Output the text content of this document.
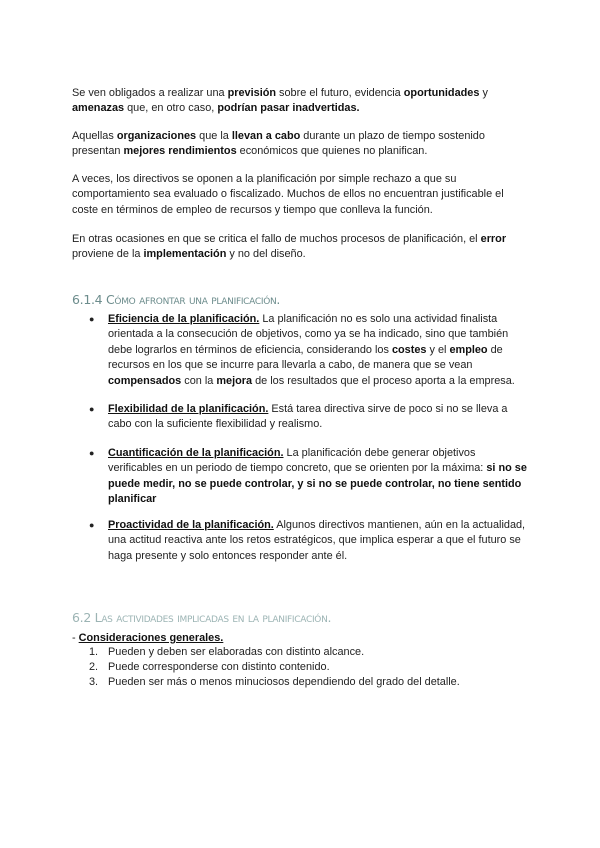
Se ven obligados a realizar una previsión sobre el futuro, evidencia oportunidades y amenazas que, en otro caso, podrían pasar inadvertidas.

Aquellas organizaciones que la llevan a cabo durante un plazo de tiempo sostenido presentan mejores rendimientos económicos que quienes no planifican.

A veces, los directivos se oponen a la planificación por simple rechazo a que su comportamiento sea evaluado o fiscalizado. Muchos de ellos no encuentran justificable el coste en términos de empleo de recursos y tiempo que conlleva la función.

En otras ocasiones en que se critica el fallo de muchos procesos de planificación, el error proviene de la implementación y no del diseño.

6.1.4 Cómo afrontar una planificación.
● Eficiencia de la planificación. La planificación no es solo una actividad finalista orientada a la consecución de objetivos, como ya se ha indicado, sino que también debe lograrlos en términos de eficiencia, considerando los costes y el empleo de recursos en los que se incurre para llevarla a cabo, de manera que se vean compensados con la mejora de los resultados que el proceso aporta a la empresa.
● Flexibilidad de la planificación. Está tarea directiva sirve de poco si no se lleva a cabo con la suficiente flexibilidad y realismo.
● Cuantificación de la planificación. La planificación debe generar objetivos verificables en un periodo de tiempo concreto, que se orienten por la máxima: si no se puede medir, no se puede controlar, y si no se puede controlar, no tiene sentido planificar
● Proactividad de la planificación. Algunos directivos mantienen, aún en la actualidad, una actitud reactiva ante los retos estratégicos, que implica esperar a que el futuro se haga presente y solo entonces responder ante él.
6.2 Las actividades implicadas en la planificación.

- Consideraciones generales.

1. Pueden y deben ser elaboradas con distinto alcance.
2. Puede corresponderse con distinto contenido.
3. Pueden ser más o menos minuciosos dependiendo del grado del detalle.
